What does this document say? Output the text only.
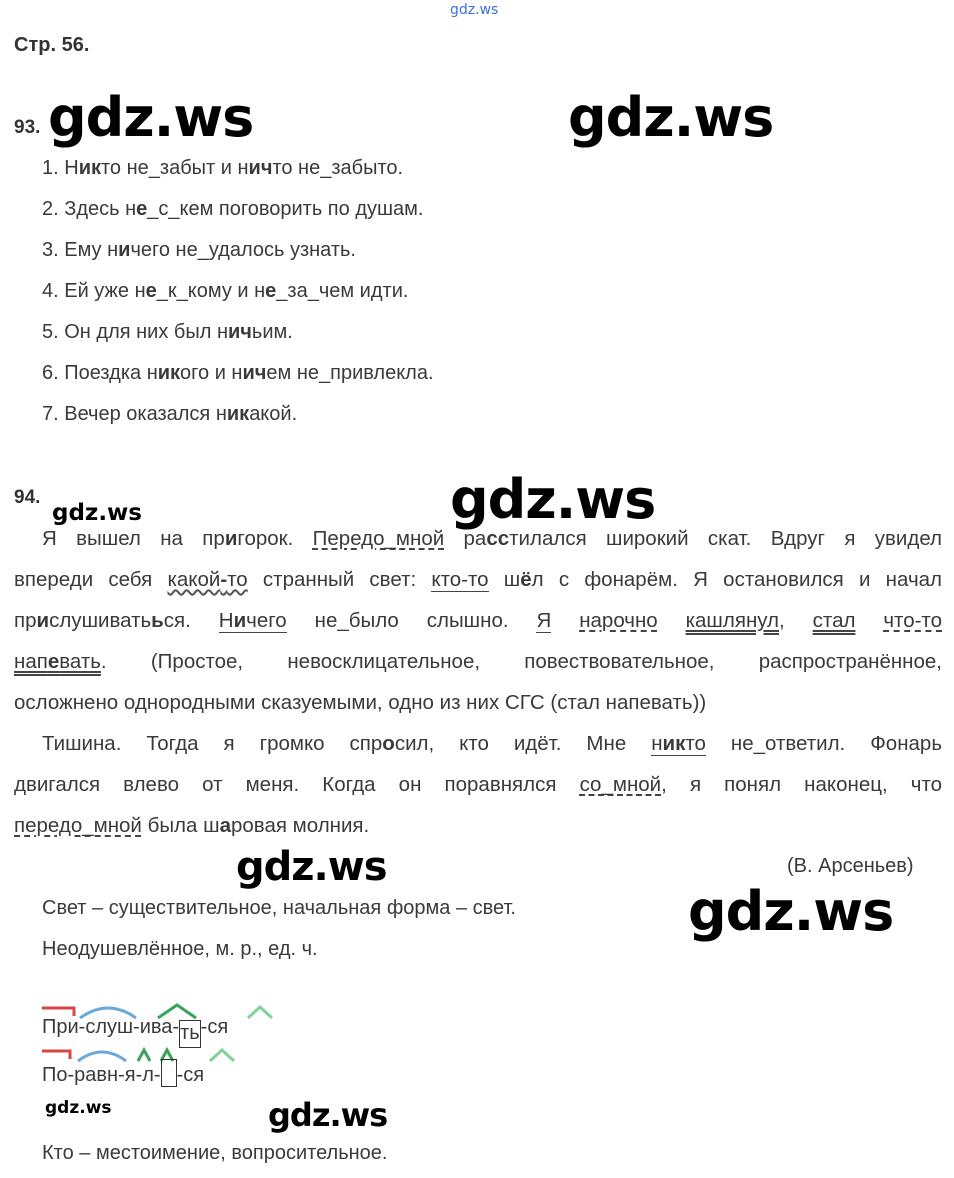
gdz.ws
gdz.ws	gdz.ws
gdz.ws
gdz.ws
gdz.ws
gdz.ws
gdz.ws	gdz.ws
Стр. 56.
93.
1. Никто не_забыт и ничто не_забыто.
2. Здесь не_с_кем поговорить по душам.
3. Ему ничего не_удалось узнать.
4. Ей уже не_к_кому и не_за_чем идти.
5. Он для них был ничьим.
6. Поездка никого и ничем не_привлекла.
7. Вечер оказался никакой.
94.
Я вышел на пригорок. Передо_мной расстилался широкий скат. Вдруг я увидел
впереди себя какой-то странный свет: кто-то шёл с фонарём. Я остановился и начал
прислушиватьься. Ничего не_было слышно. Я нарочно кашлянул, стал что-то
напевать. (Простое, невосклицательное, повествовательное, распространённое,
осложнено однородными сказуемыми, одно из них СГС (стал напевать))
Тишина. Тогда я громко спросил, кто идёт. Мне никто не_ответил. Фонарь
двигался влево от меня. Когда он поравнялся со_мной, я понял наконец, что
передо_мной была шаровая молния.
(В. Арсеньев)
Свет – существительное, начальная форма – свет.
Неодушевлённое, м. р., ед. ч.
При-слуш-ива-ть-ся
По-равн-я-л- -ся
Кто – местоимение, вопросительное.
